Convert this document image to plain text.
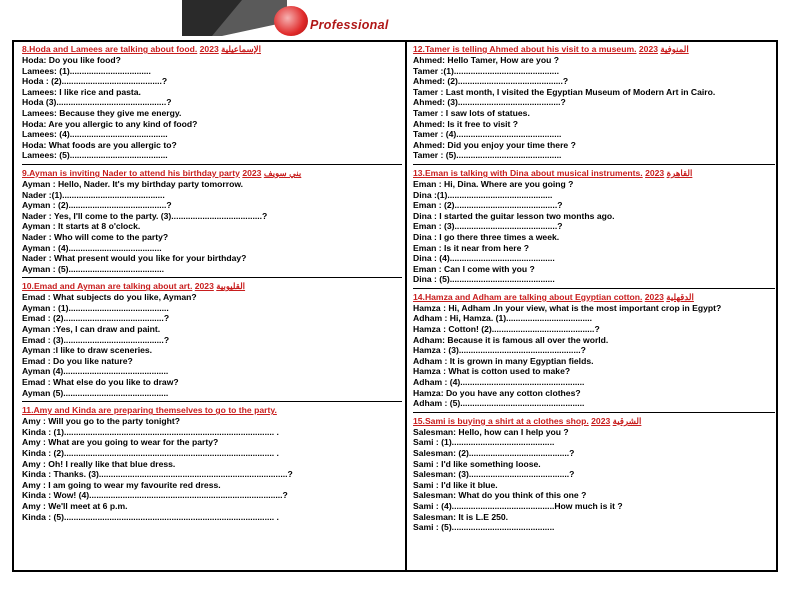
Professional
8.Hoda and Lamees are talking about food. 2023 الإسماعيلية
Hoda: Do you like food?
Lamees: (1)..................................
Hoda : (2)..........................................?
Lamees: I like rice and pasta.
Hoda (3)..............................................?
Lamees: Because they give me energy.
Hoda: Are you allergic to any kind of food?
Lamees: (4).........................................
Hoda: What foods are you allergic to?
Lamees: (5).........................................
9.Ayman is inviting Nader to attend his birthday party 2023 بني سويف
Ayman : Hello, Nader. It's my birthday party tomorrow.
Nader :(1)...........................................
Ayman : (2).........................................?
Nader : Yes, I'll come to the party. (3)......................................?
Ayman : It starts at 8 o'clock.
Nader : Who will come to the party?
Ayman : (4).......................................
Nader : What present would you like for your birthday?
Ayman : (5)........................................
10.Emad and Ayman are talking about art. 2023 القليوبية
Emad : What subjects do you like, Ayman?
Ayman : (1)..........................................
Emad : (2)..........................................?
Ayman :Yes, I can draw and paint.
Emad : (3)..........................................?
Ayman :I like to draw sceneries.
Emad : Do you like nature?
Ayman (4)............................................
Emad : What else do you like to draw?
Ayman (5)............................................
11.Amy and Kinda are preparing themselves to go to the party.
Amy : Will you go to the party tonight?
Kinda : (1)........................................................................................ .
Amy : What are you going to wear for the party?
Kinda : (2)........................................................................................ .
Amy : Oh! I really like that blue dress.
Kinda : Thanks. (3)...............................................................................?
Amy : I am going to wear my favourite red dress.
Kinda : Wow! (4).................................................................................?
Amy : We'll meet at 6 p.m.
Kinda : (5)........................................................................................ .
12.Tamer is telling Ahmed about his visit to a museum. 2023 المنوفية
Ahmed: Hello Tamer, How are you ?
Tamer :(1)............................................
Ahmed: (2)............................................?
Tamer : Last month, I visited the Egyptian Museum of Modern Art in Cairo.
Ahmed: (3)...........................................?
Tamer : I saw lots of statues.
Ahmed: Is it free to visit ?
Tamer : (4)............................................
Ahmed: Did you enjoy your time there ?
Tamer : (5)............................................
13.Eman is talking with Dina about musical instruments. 2023 القاهرة
Eman : Hi, Dina. Where are you going ?
Dina :(1)............................................
Eman : (2)...........................................?
Dina : I started the guitar lesson two months ago.
Eman : (3)...........................................?
Dina : I go there three times a week.
Eman : Is it near from here ?
Dina : (4)............................................
Eman : Can I come with you ?
Dina : (5)............................................
14.Hamza and Adham are talking about Egyptian cotton. 2023 الدقهلية
Hamza : Hi, Adham .In your view, what is the most important crop in Egypt?
Adham : Hi, Hamza. (1)....................................
Hamza : Cotton! (2)...........................................?
Adham: Because it is famous all over the world.
Hamza : (3)...................................................?
Adham : It is grown in many Egyptian fields.
Hamza : What is cotton used to make?
Adham : (4)....................................................
Hamza: Do you have any cotton clothes?
Adham : (5)....................................................
15.Sami is buying a shirt at a clothes shop. 2023 الشرقية
Salesman: Hello, how can I help you ?
Sami : (1)...........................................
Salesman: (2)..........................................?
Sami : I'd like something loose.
Salesman: (3)..........................................?
Sami : I'd like it blue.
Salesman: What do you think of this one ?
Sami : (4)...........................................How much is it ?
Salesman: It is L.E 250.
Sami : (5)...........................................
